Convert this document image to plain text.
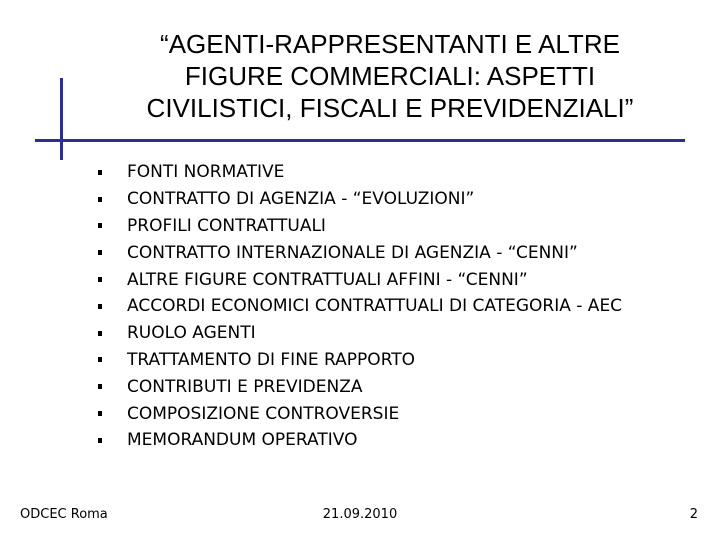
“AGENTI-RAPPRESENTANTI E ALTRE
FIGURE COMMERCIALI: ASPETTI
CIVILISTICI, FISCALI E PREVIDENZIALI”
FONTI NORMATIVE
CONTRATTO DI AGENZIA - “EVOLUZIONI”
PROFILI CONTRATTUALI
CONTRATTO INTERNAZIONALE DI AGENZIA - “CENNI”
ALTRE FIGURE CONTRATTUALI AFFINI - “CENNI”
ACCORDI ECONOMICI CONTRATTUALI DI CATEGORIA - AEC
RUOLO AGENTI
TRATTAMENTO DI FINE RAPPORTO
CONTRIBUTI E PREVIDENZA
COMPOSIZIONE CONTROVERSIE
MEMORANDUM OPERATIVO
21.09.2010
ODCEC Roma	2
